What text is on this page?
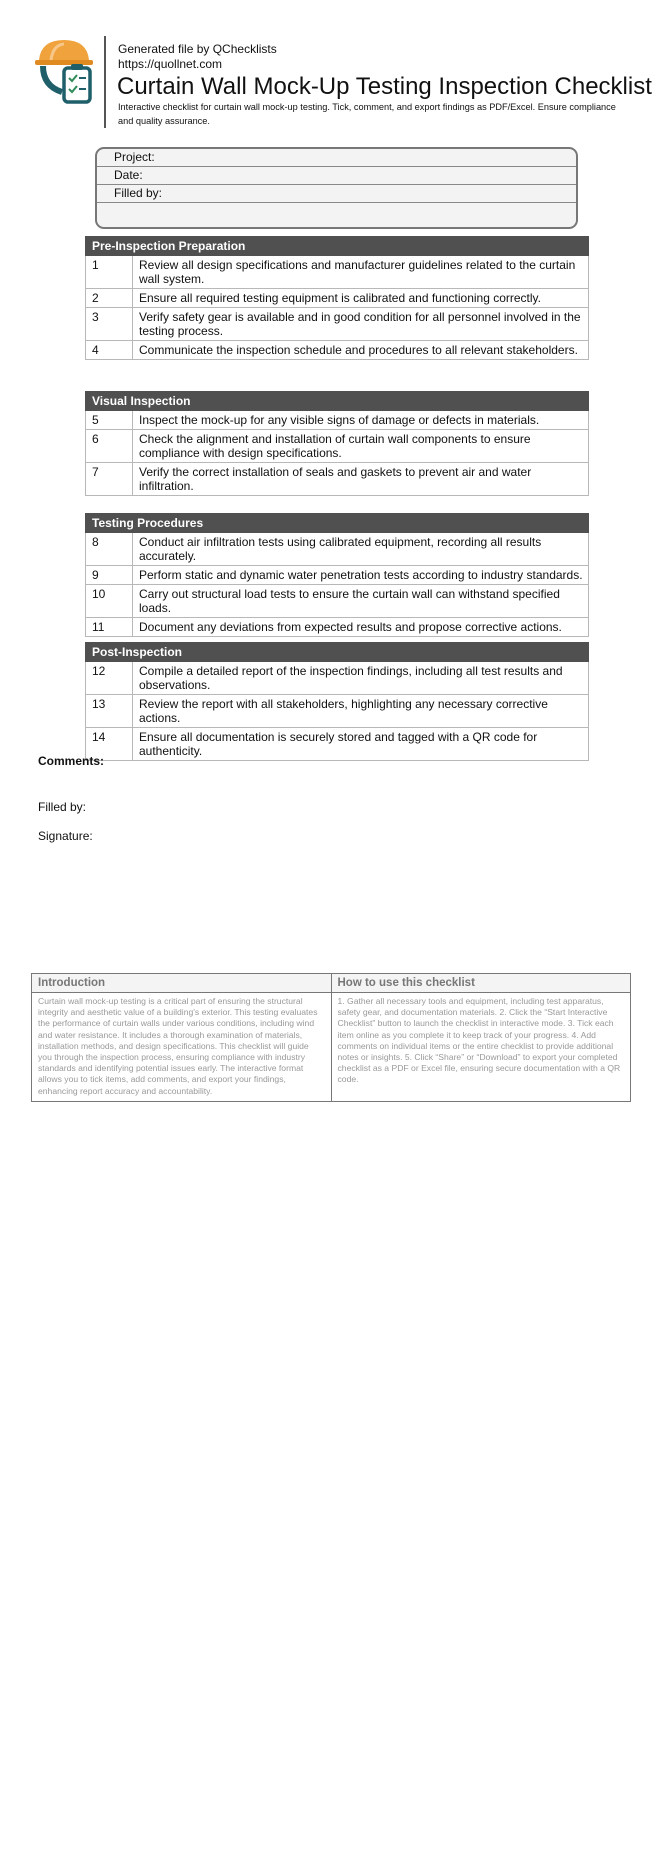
Generated file by QChecklists
https://quollnet.com
Curtain Wall Mock-Up Testing Inspection Checklist
Interactive checklist for curtain wall mock-up testing. Tick, comment, and export findings as PDF/Excel. Ensure compliance and quality assurance.
Project:
Date:
Filled by:
Pre-Inspection Preparation
1	Review all design specifications and manufacturer guidelines related to the curtain wall system.
2	Ensure all required testing equipment is calibrated and functioning correctly.
3	Verify safety gear is available and in good condition for all personnel involved in the testing process.
4	Communicate the inspection schedule and procedures to all relevant stakeholders.
Visual Inspection
5	Inspect the mock-up for any visible signs of damage or defects in materials.
6	Check the alignment and installation of curtain wall components to ensure compliance with design specifications.
7	Verify the correct installation of seals and gaskets to prevent air and water infiltration.
Testing Procedures
8	Conduct air infiltration tests using calibrated equipment, recording all results accurately.
9	Perform static and dynamic water penetration tests according to industry standards.
10	Carry out structural load tests to ensure the curtain wall can withstand specified loads.
11	Document any deviations from expected results and propose corrective actions.
Post-Inspection
12	Compile a detailed report of the inspection findings, including all test results and observations.
13	Review the report with all stakeholders, highlighting any necessary corrective actions.
14	Ensure all documentation is securely stored and tagged with a QR code for authenticity.
Comments:
Filled by:
Signature:
Introduction
Curtain wall mock-up testing is a critical part of ensuring the structural integrity and aesthetic value of a building's exterior. This testing evaluates the performance of curtain walls under various conditions, including wind and water resistance. It includes a thorough examination of materials, installation methods, and design specifications. This checklist will guide you through the inspection process, ensuring compliance with industry standards and identifying potential issues early. The interactive format allows you to tick items, add comments, and export your findings, enhancing report accuracy and accountability.
How to use this checklist
1. Gather all necessary tools and equipment, including test apparatus, safety gear, and documentation materials. 2. Click the “Start Interactive Checklist” button to launch the checklist in interactive mode. 3. Tick each item online as you complete it to keep track of your progress. 4. Add comments on individual items or the entire checklist to provide additional notes or insights. 5. Click “Share” or “Download” to export your completed checklist as a PDF or Excel file, ensuring secure documentation with a QR code.
